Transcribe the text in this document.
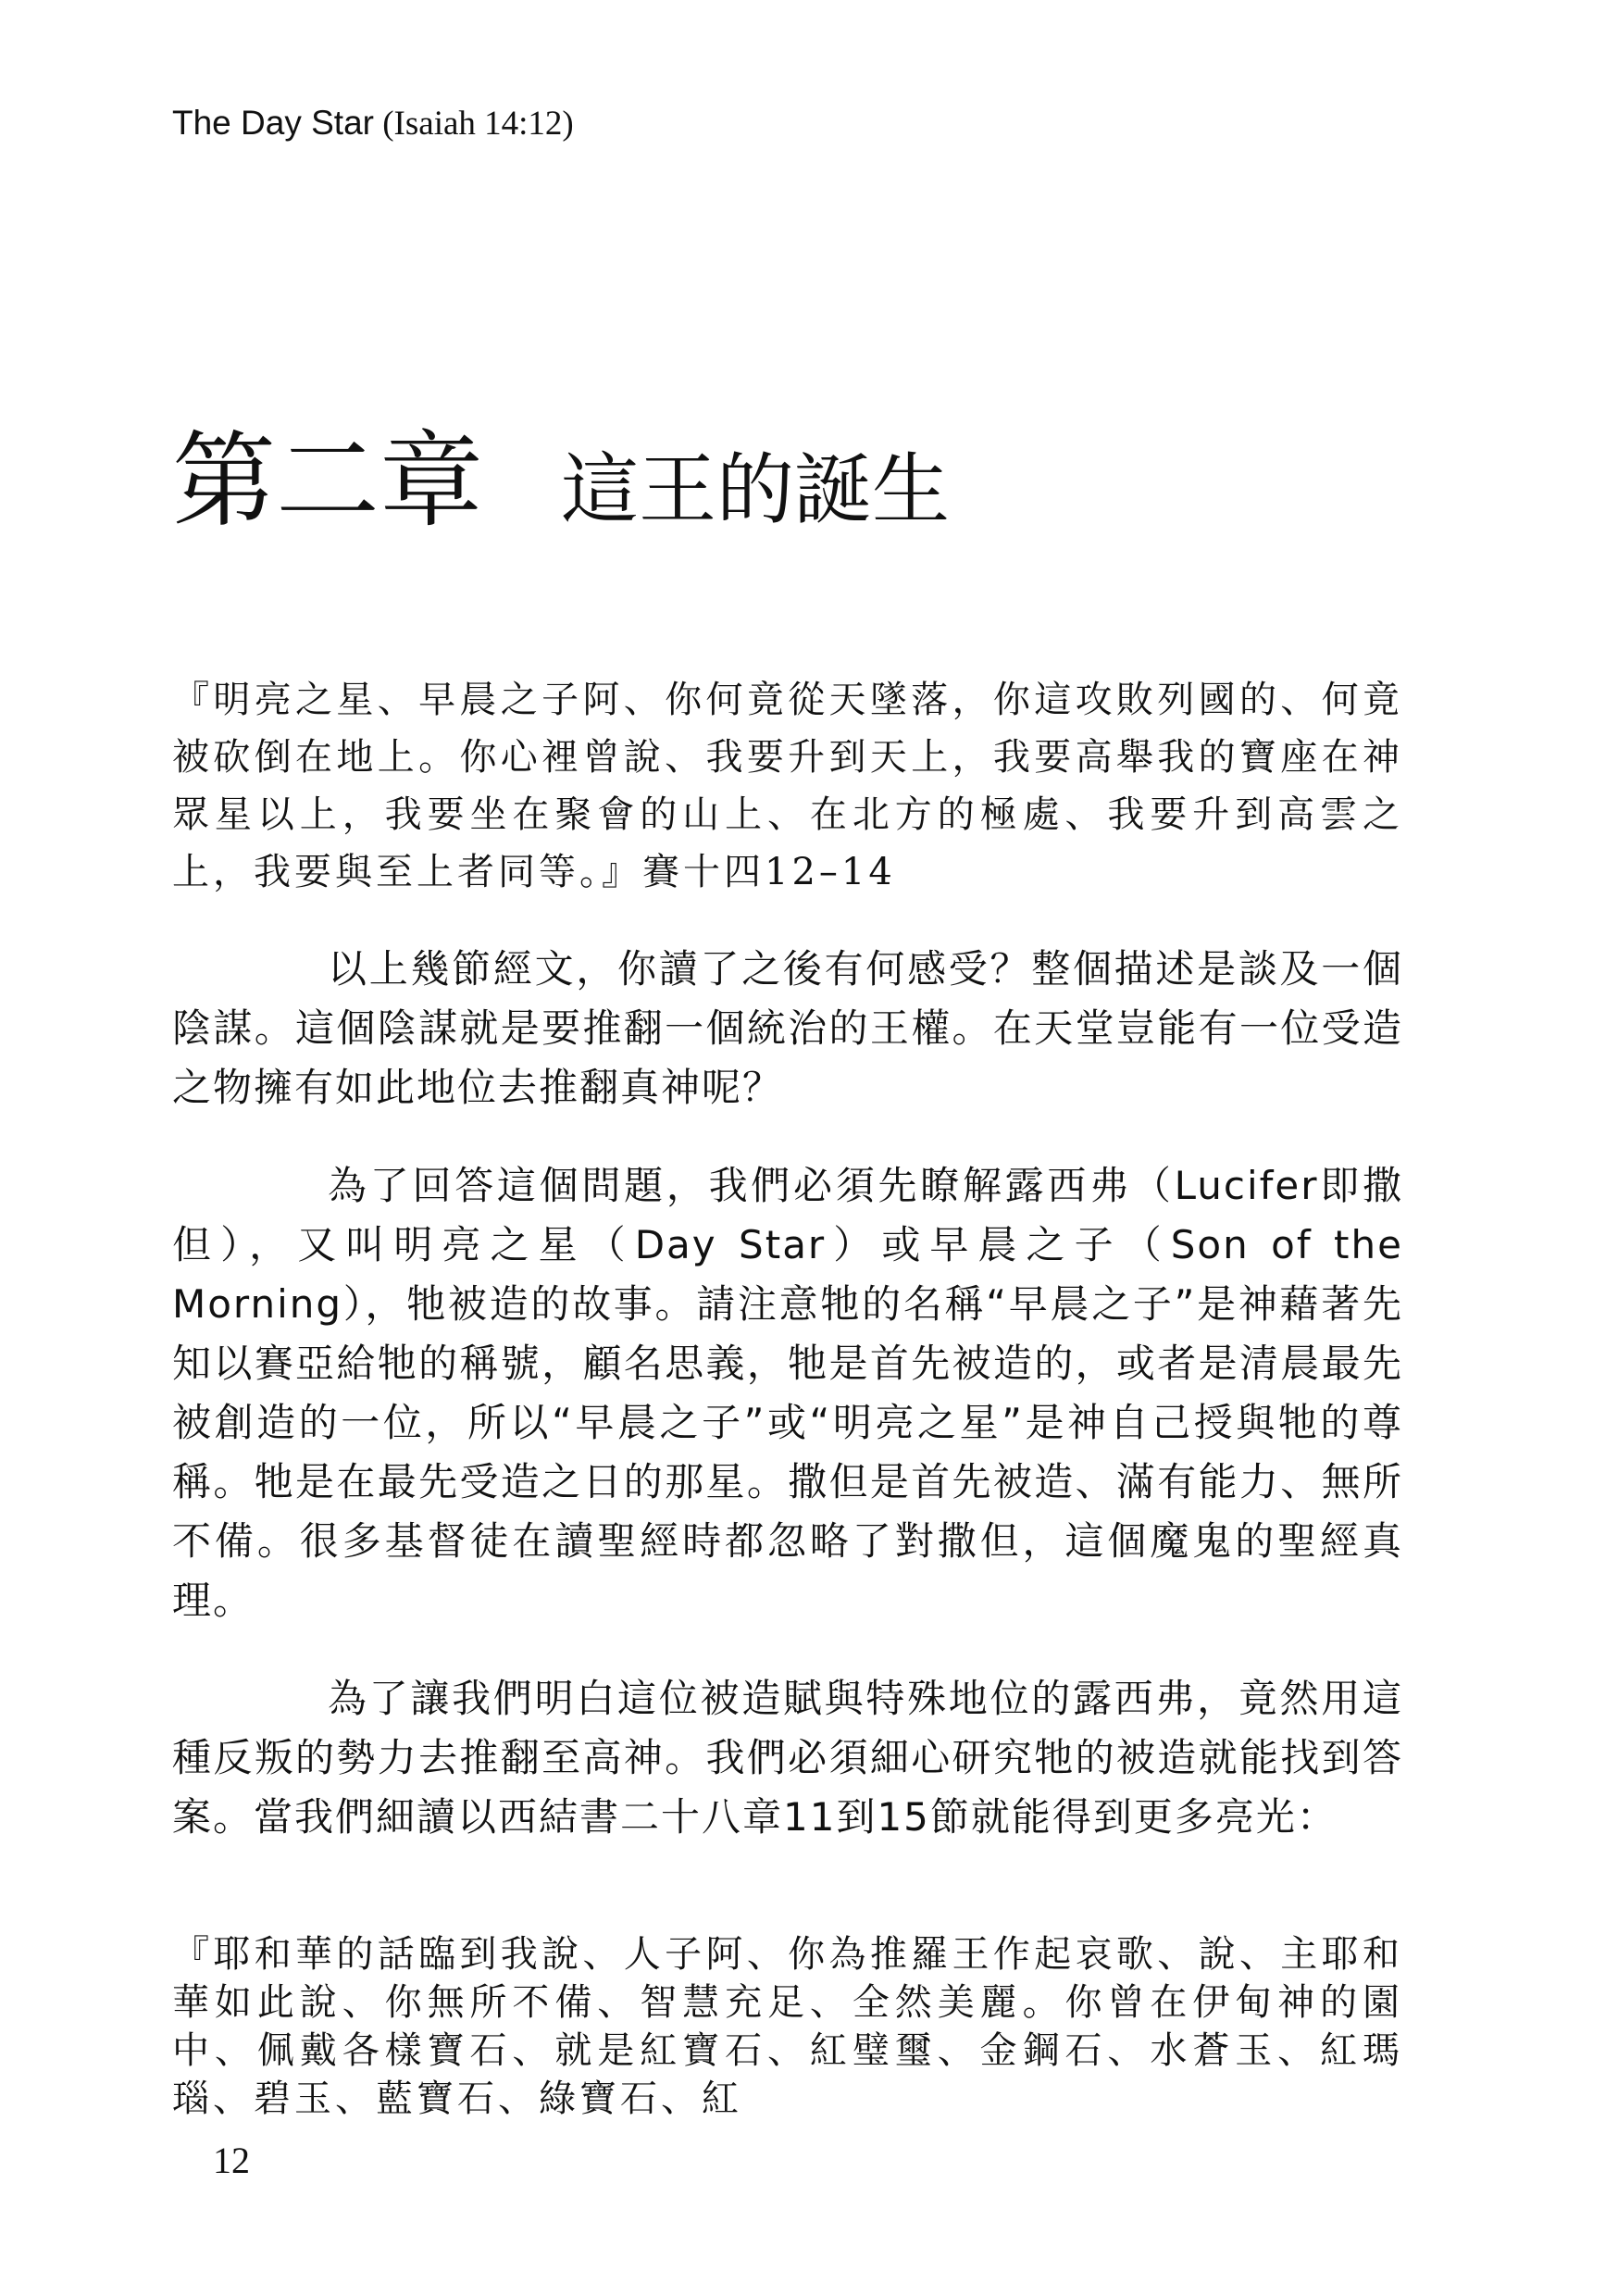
The Day Star (Isaiah 14:12)
第二章 這王的誕生

『明亮之星、早晨之子阿、你何竟從天墜落，你這攻敗列國的、何竟被砍倒在地上。你心裡曾說、我要升到天上，我要高舉我的寶座在神眾星以上，我要坐在聚會的山上、在北方的極處、我要升到高雲之上，我要與至上者同等。』賽十四12–14

以上幾節經文，你讀了之後有何感受？整個描述是談及一個陰謀。這個陰謀就是要推翻一個統治的王權。在天堂豈能有一位受造之物擁有如此地位去推翻真神呢？

為了回答這個問題，我們必須先瞭解露西弗（Lucifer即撒但），又叫明亮之星（Day Star）或早晨之子（Son of the Morning），牠被造的故事。請注意牠的名稱“早晨之子”是神藉著先知以賽亞給牠的稱號，顧名思義，牠是首先被造的，或者是清晨最先被創造的一位，所以“早晨之子”或“明亮之星”是神自己授與牠的尊稱。牠是在最先受造之日的那星。撒但是首先被造、滿有能力、無所不備。很多基督徒在讀聖經時都忽略了對撒但，這個魔鬼的聖經真理。

為了讓我們明白這位被造賦與特殊地位的露西弗，竟然用這種反叛的勢力去推翻至高神。我們必須細心研究牠的被造就能找到答案。當我們細讀以西結書二十八章11到15節就能得到更多亮光：

『耶和華的話臨到我說、人子阿、你為推羅王作起哀歌、說、主耶和華如此說、你無所不備、智慧充足、全然美麗。你曾在伊甸神的園中、佩戴各樣寶石、就是紅寶石、紅璧璽、金鋼石、水蒼玉、紅瑪瑙、碧玉、藍寶石、綠寶石、紅

12
